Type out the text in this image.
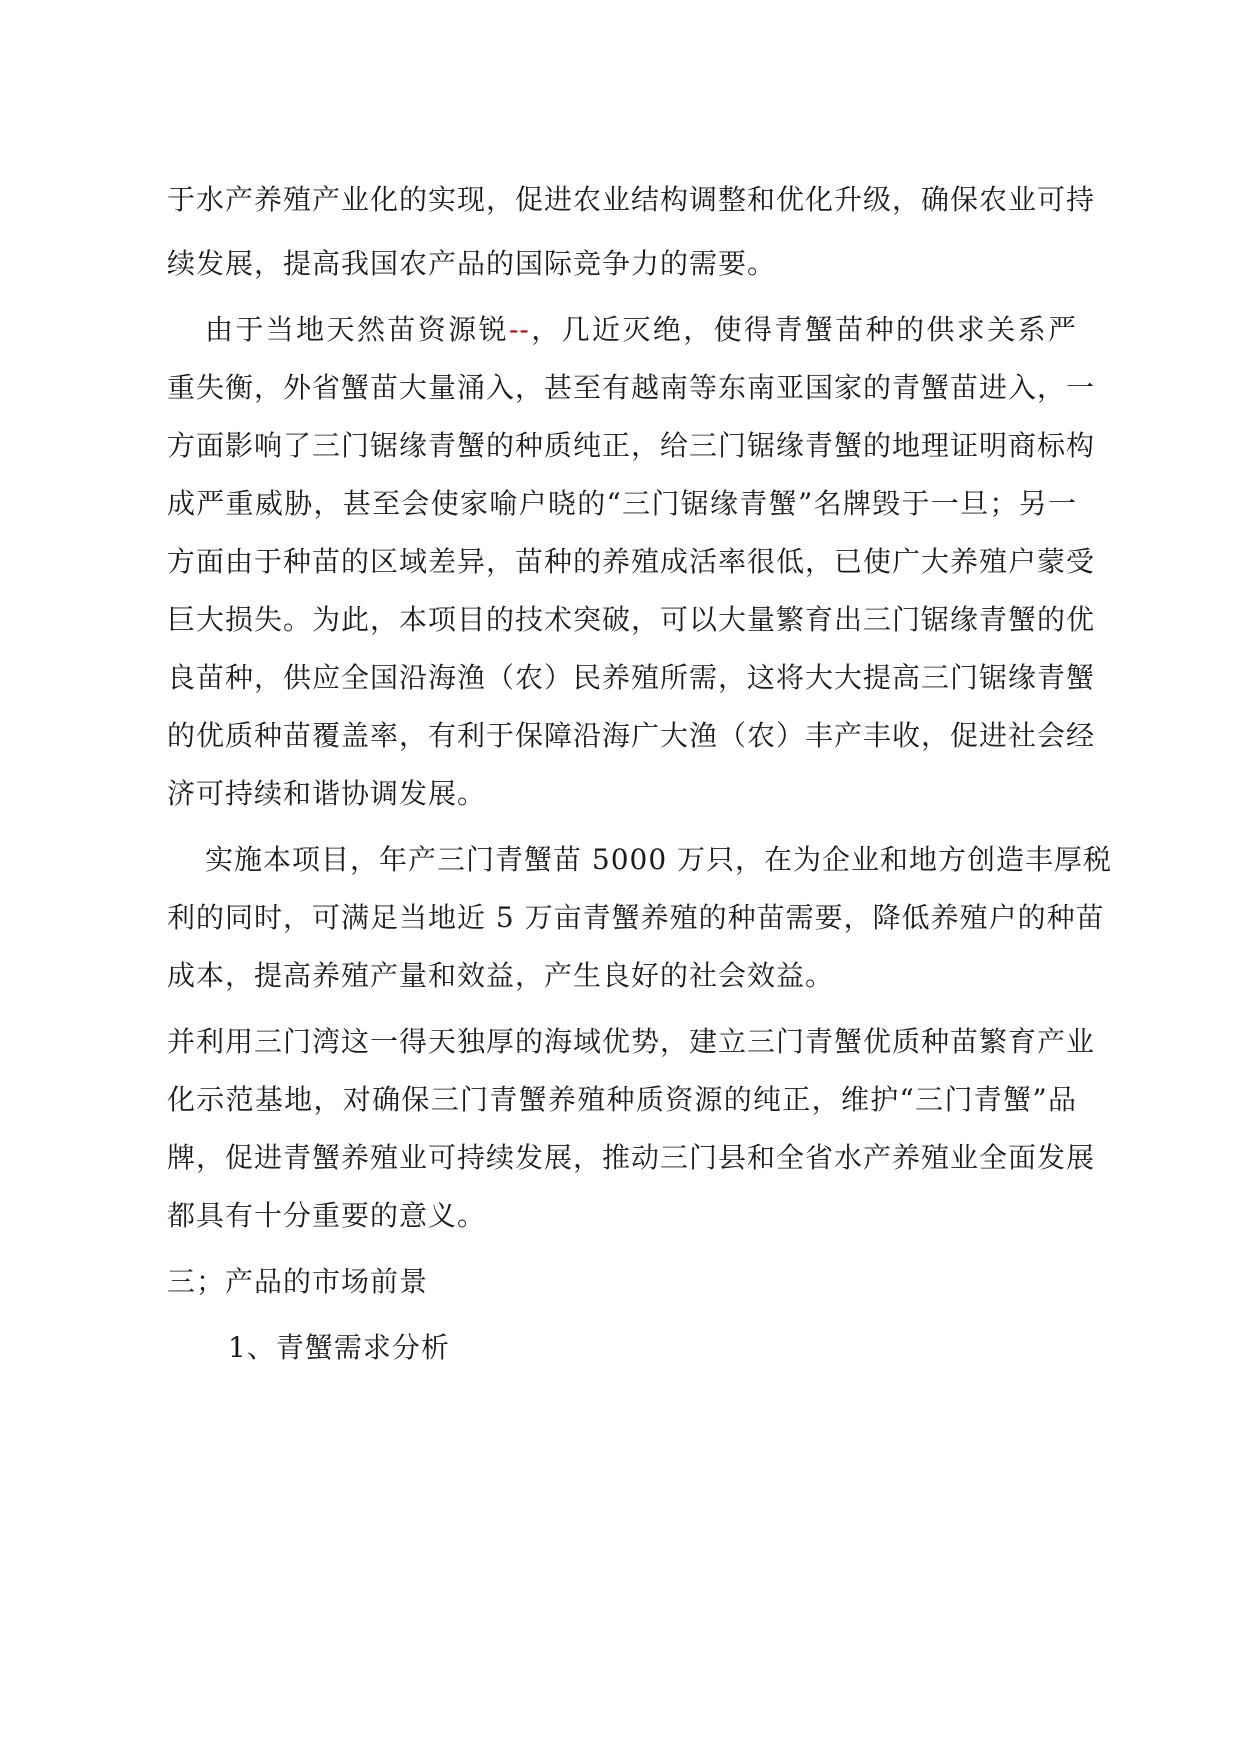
于水产养殖产业化的实现，促进农业结构调整和优化升级，确保农业可持
续发展，提高我国农产品的国际竞争力的需要。
由于当地天然苗资源锐--，几近灭绝，使得青蟹苗种的供求关系严
重失衡，外省蟹苗大量涌入，甚至有越南等东南亚国家的青蟹苗进入，一
方面影响了三门锯缘青蟹的种质纯正，给三门锯缘青蟹的地理证明商标构
成严重威胁，甚至会使家喻户晓的“三门锯缘青蟹”名牌毁于一旦；另一
方面由于种苗的区域差异，苗种的养殖成活率很低，已使广大养殖户蒙受
巨大损失。为此，本项目的技术突破，可以大量繁育出三门锯缘青蟹的优
良苗种，供应全国沿海渔（农）民养殖所需，这将大大提高三门锯缘青蟹
的优质种苗覆盖率，有利于保障沿海广大渔（农）丰产丰收，促进社会经
济可持续和谐协调发展。
实施本项目，年产三门青蟹苗 5000 万只，在为企业和地方创造丰厚税
利的同时，可满足当地近 5 万亩青蟹养殖的种苗需要，降低养殖户的种苗
成本，提高养殖产量和效益，产生良好的社会效益。
并利用三门湾这一得天独厚的海域优势，建立三门青蟹优质种苗繁育产业
化示范基地，对确保三门青蟹养殖种质资源的纯正，维护“三门青蟹”品
牌，促进青蟹养殖业可持续发展，推动三门县和全省水产养殖业全面发展
都具有十分重要的意义。
三；产品的市场前景
1、青蟹需求分析
